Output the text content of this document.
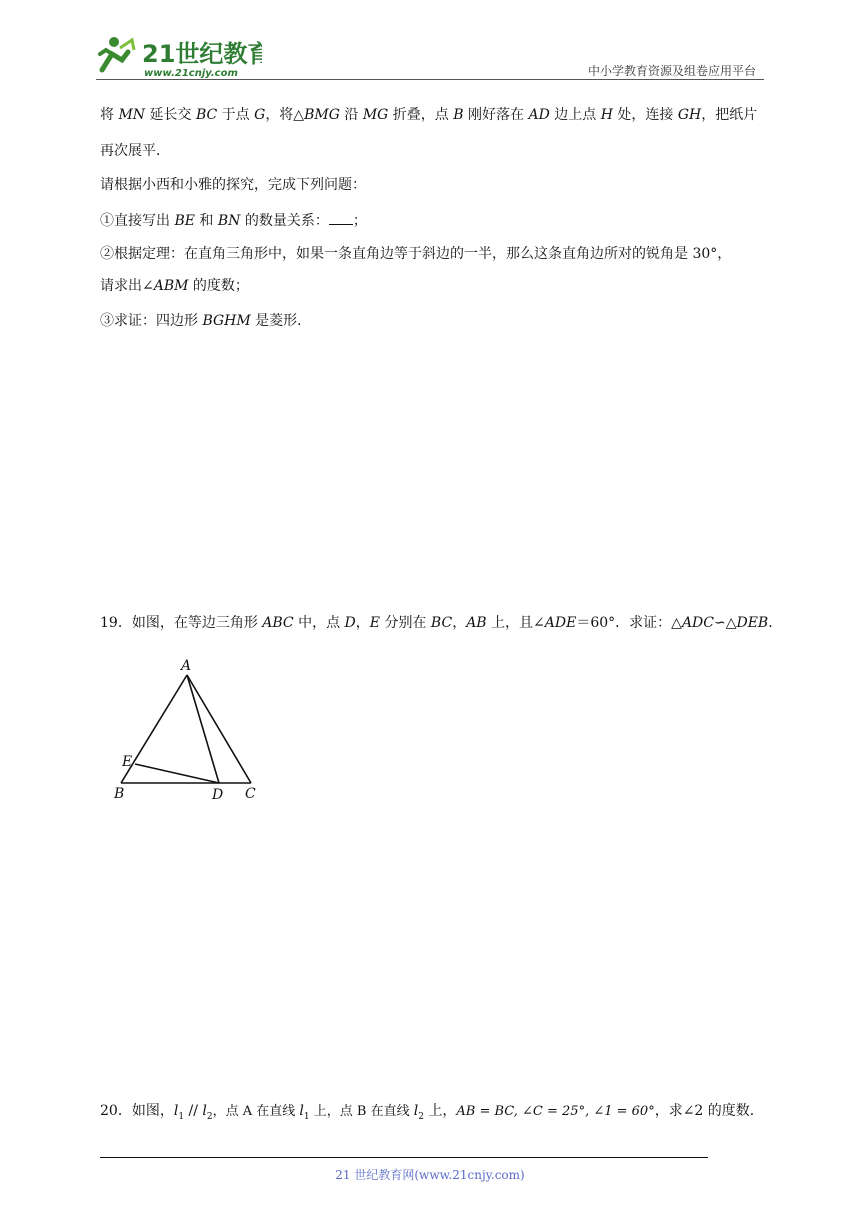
21世纪教育
www.21cnjy.com	中小学教育资源及组卷应用平台
将 MN 延长交 BC 于点 G，将△BMG 沿 MG 折叠，点 B 刚好落在 AD 边上点 H 处，连接 GH，把纸片
再次展平．
请根据小西和小雅的探究，完成下列问题：
①直接写出 BE 和 BN 的数量关系： ；
②根据定理：在直角三角形中，如果一条直角边等于斜边的一半，那么这条直角边所对的锐角是 30°，
请求出∠ABM 的度数；
③求证：四边形 BGHM 是菱形．
19．如图，在等边三角形 ABC 中，点 D，E 分别在 BC，AB 上，且∠ADE＝60°．求证：△ADC∽△DEB．
A
E
B	D C
20．如图，$l_1 // l_2$，点 A 在直线 $l_1$ 上，点 B 在直线 $l_2$ 上，AB = BC, ∠C = 25°, ∠1 = 60°，求∠2 的度数．
21 世纪教育网(www.21cnjy.com)
